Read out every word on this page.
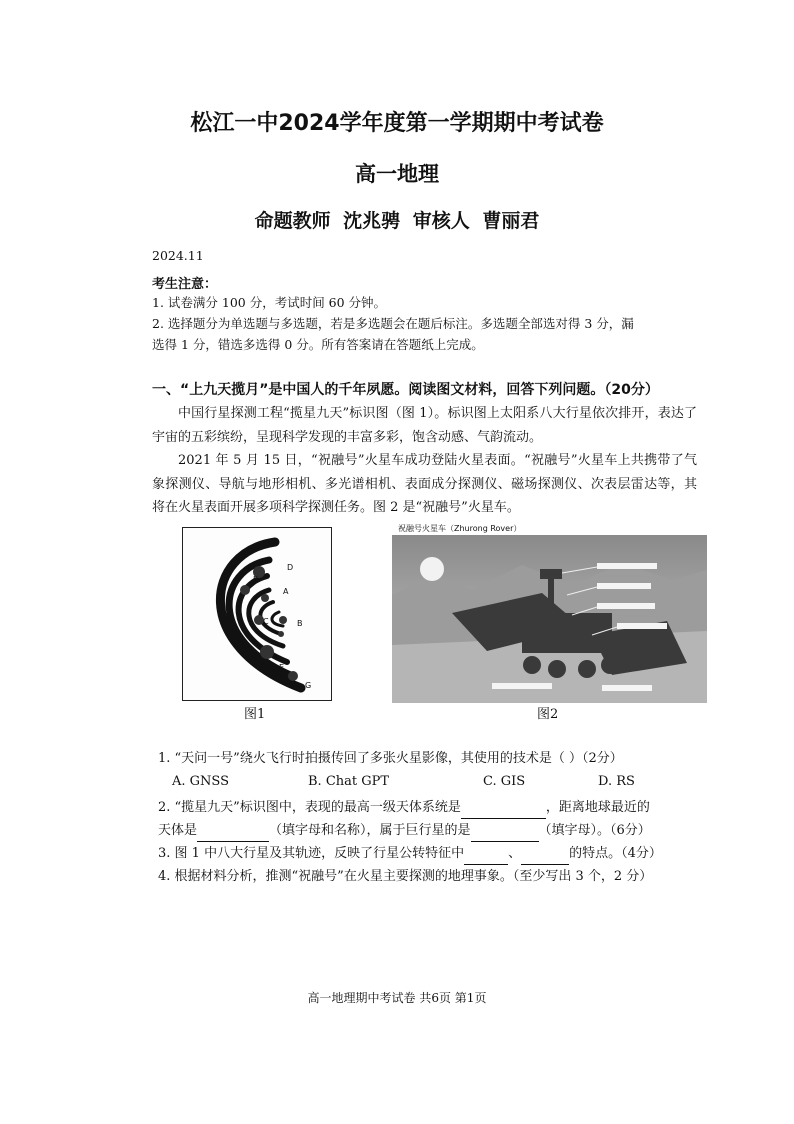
松江一中2024学年度第一学期期中考试卷
高一地理
命题教师 沈兆骋 审核人 曹丽君
2024.11
考生注意：
1. 试卷满分 100 分，考试时间 60 分钟。
2. 选择题分为单选题与多选题，若是多选题会在题后标注。多选题全部选对得 3 分，漏
选得 1 分，错选多选得 0 分。所有答案请在答题纸上完成。
一、“上九天揽月”是中国人的千年夙愿。阅读图文材料，回答下列问题。（20分）
中国行星探测工程“揽星九天”标识图（图 1）。标识图上太阳系八大行星依次排开，表达了宇宙的五彩缤纷，呈现科学发现的丰富多彩，饱含动感、气韵流动。
2021 年 5 月 15 日，“祝融号”火星车成功登陆火星表面。“祝融号”火星车上共携带了气象探测仪、导航与地形相机、多光谱相机、表面成分探测仪、磁场探测仪、次表层雷达等，其将在火星表面开展多项科学探测任务。图 2 是“祝融号”火星车。
H
D
F
A
C	B
E
G
图1
祝融号火星车（Zhurong Rover）
图2
1. “天问一号”绕火飞行时拍摄传回了多张火星影像，其使用的技术是（ ）（2分）
A. GNSS	B. Chat GPT	C. GIS	D. RS
2. “揽星九天”标识图中，表现的最高一级天体系统是	，距离地球最近的
天体是	（填字母和名称），属于巨行星的是	（填字母）。（6分）
3. 图 1 中八大行星及其轨迹，反映了行星公转特征中	、	的特点。（4分）
4. 根据材料分析，推测“祝融号”在火星主要探测的地理事象。（至少写出 3 个，2 分）
高一地理期中考试卷 共6页 第1页
